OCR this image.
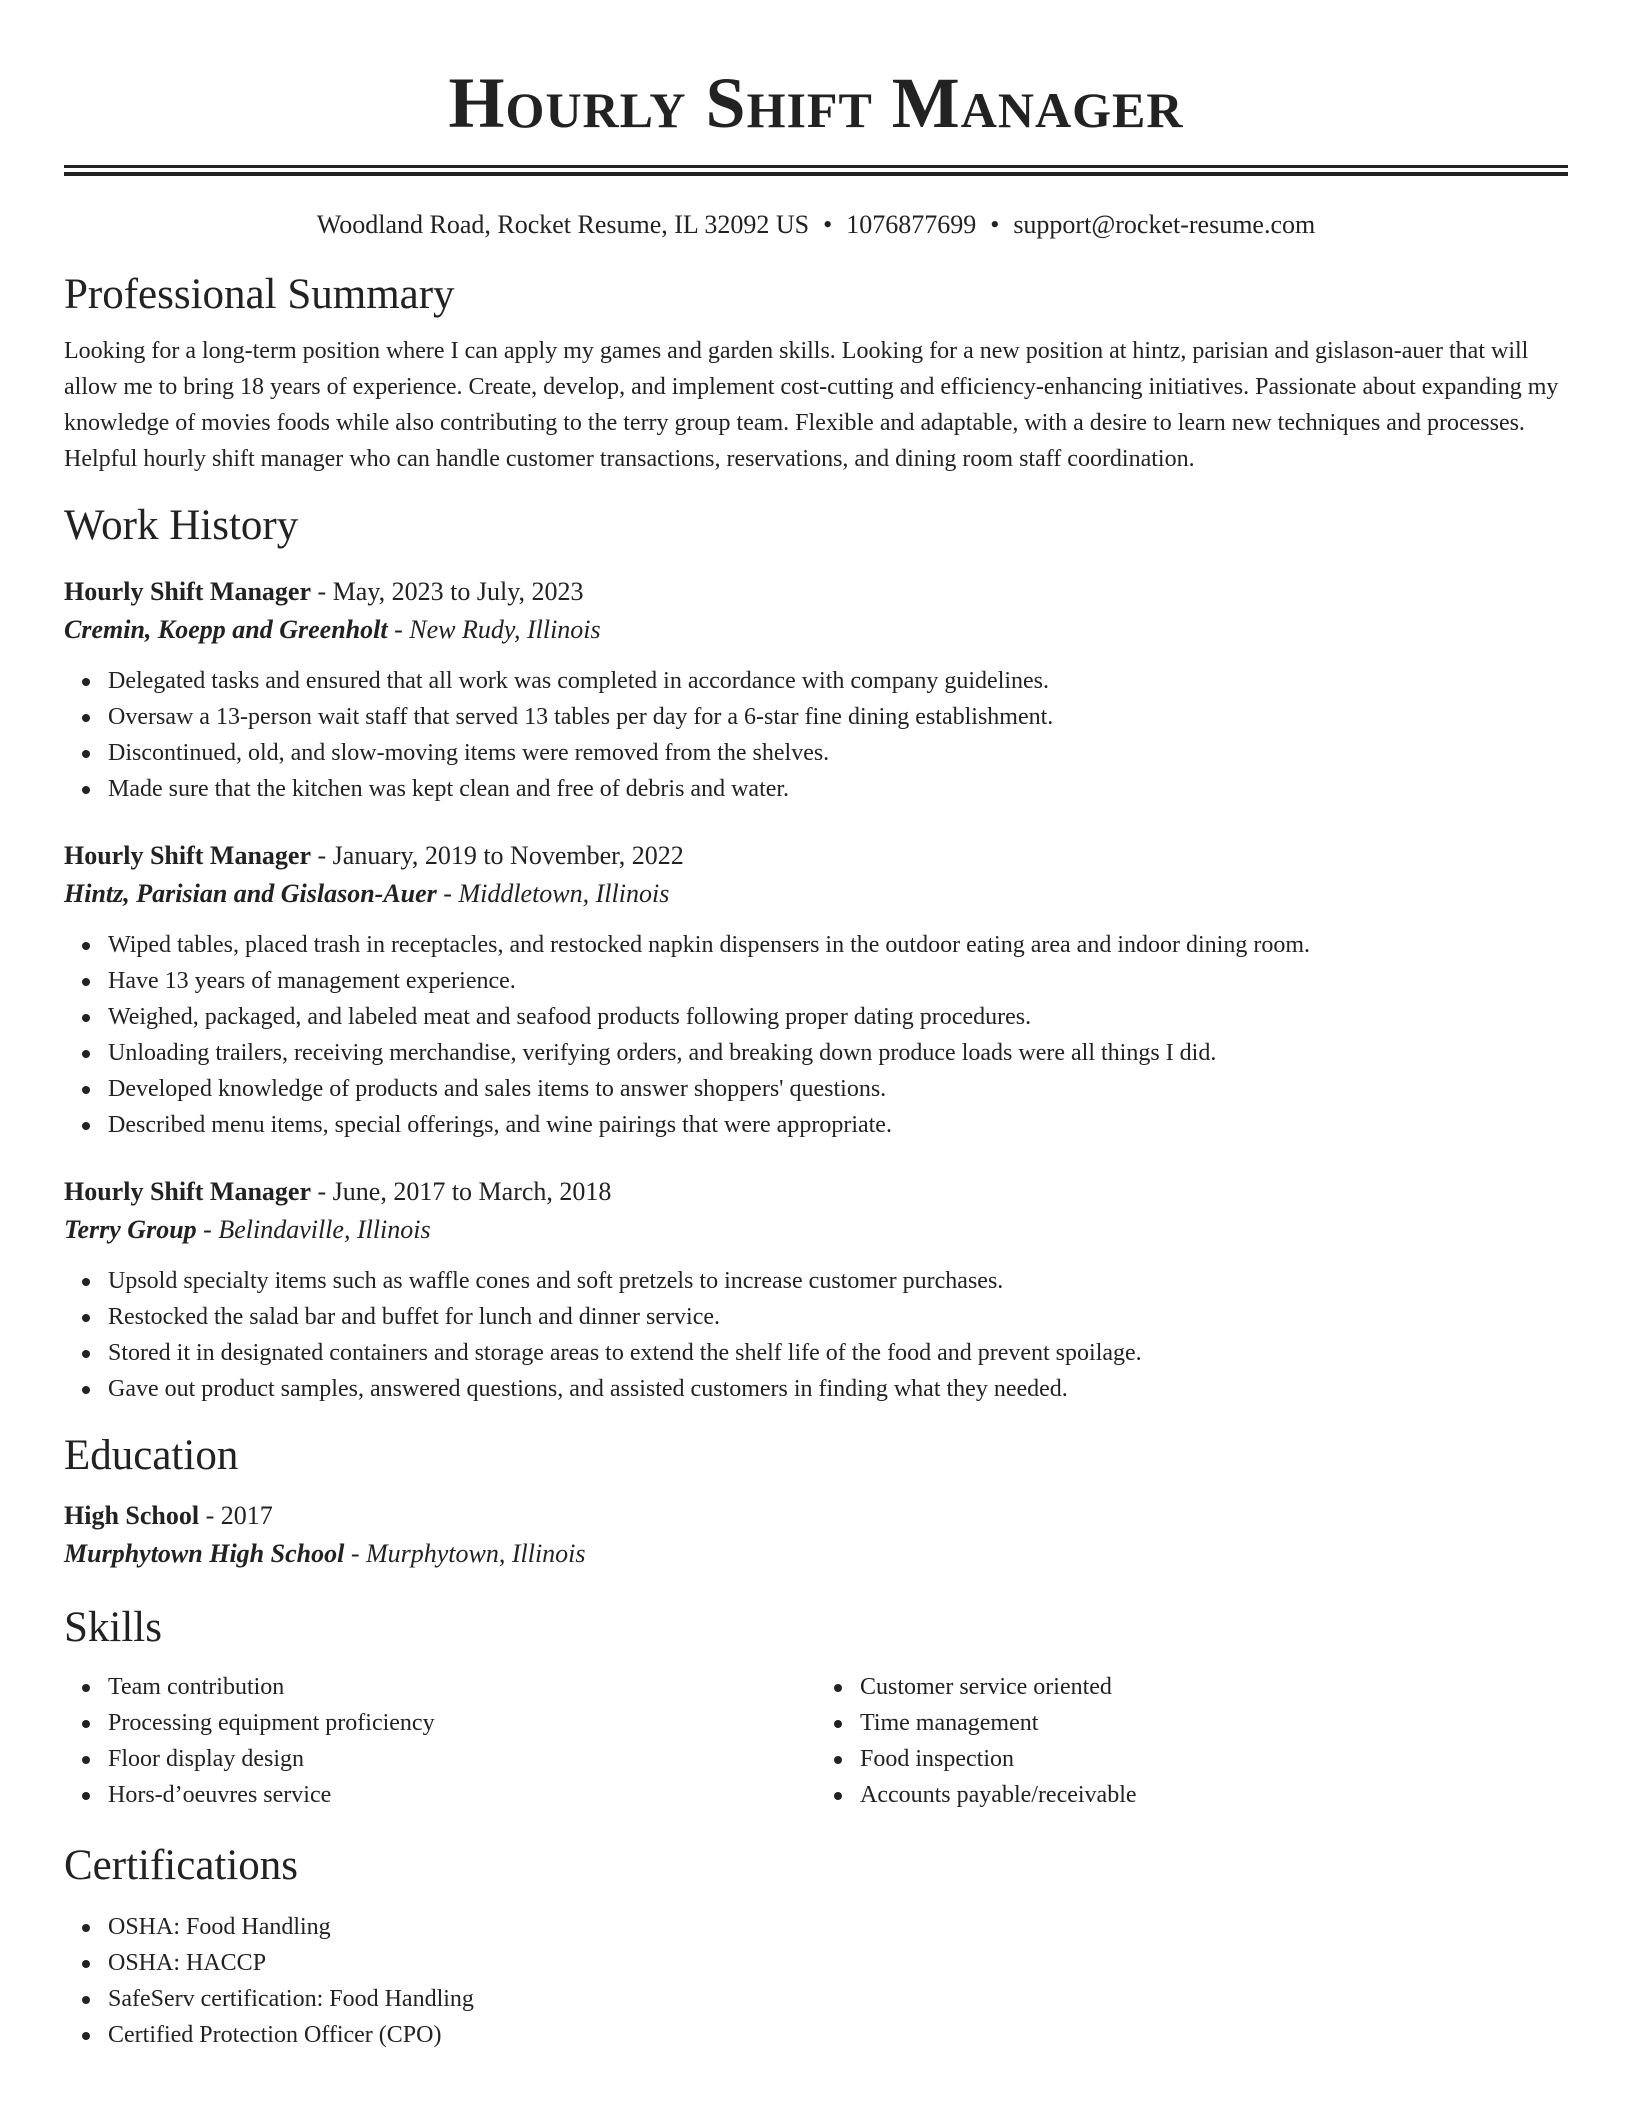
Hourly Shift Manager
Woodland Road, Rocket Resume, IL 32092 US • 1076877699 • support@rocket-resume.com
Professional Summary

Looking for a long-term position where I can apply my games and garden skills. Looking for a new position at hintz, parisian and gislason-auer that will allow me to bring 18 years of experience. Create, develop, and implement cost-cutting and efficiency-enhancing initiatives. Passionate about expanding my knowledge of movies foods while also contributing to the terry group team. Flexible and adaptable, with a desire to learn new techniques and processes. Helpful hourly shift manager who can handle customer transactions, reservations, and dining room staff coordination.

Work History
Hourly Shift Manager - May, 2023 to July, 2023
Cremin, Koepp and Greenholt - New Rudy, Illinois
Delegated tasks and ensured that all work was completed in accordance with company guidelines.
Oversaw a 13-person wait staff that served 13 tables per day for a 6-star fine dining establishment.
Discontinued, old, and slow-moving items were removed from the shelves.
Made sure that the kitchen was kept clean and free of debris and water.
Hourly Shift Manager - January, 2019 to November, 2022
Hintz, Parisian and Gislason-Auer - Middletown, Illinois
Wiped tables, placed trash in receptacles, and restocked napkin dispensers in the outdoor eating area and indoor dining room.
Have 13 years of management experience.
Weighed, packaged, and labeled meat and seafood products following proper dating procedures.
Unloading trailers, receiving merchandise, verifying orders, and breaking down produce loads were all things I did.
Developed knowledge of products and sales items to answer shoppers' questions.
Described menu items, special offerings, and wine pairings that were appropriate.
Hourly Shift Manager - June, 2017 to March, 2018
Terry Group - Belindaville, Illinois
Upsold specialty items such as waffle cones and soft pretzels to increase customer purchases.
Restocked the salad bar and buffet for lunch and dinner service.
Stored it in designated containers and storage areas to extend the shelf life of the food and prevent spoilage.
Gave out product samples, answered questions, and assisted customers in finding what they needed.
Education
High School - 2017
Murphytown High School - Murphytown, Illinois
Skills
Team contribution
Processing equipment proficiency
Floor display design
Hors-d’oeuvres service
Customer service oriented
Time management
Food inspection
Accounts payable/receivable
Certifications
OSHA: Food Handling
OSHA: HACCP
SafeServ certification: Food Handling
Certified Protection Officer (CPO)
